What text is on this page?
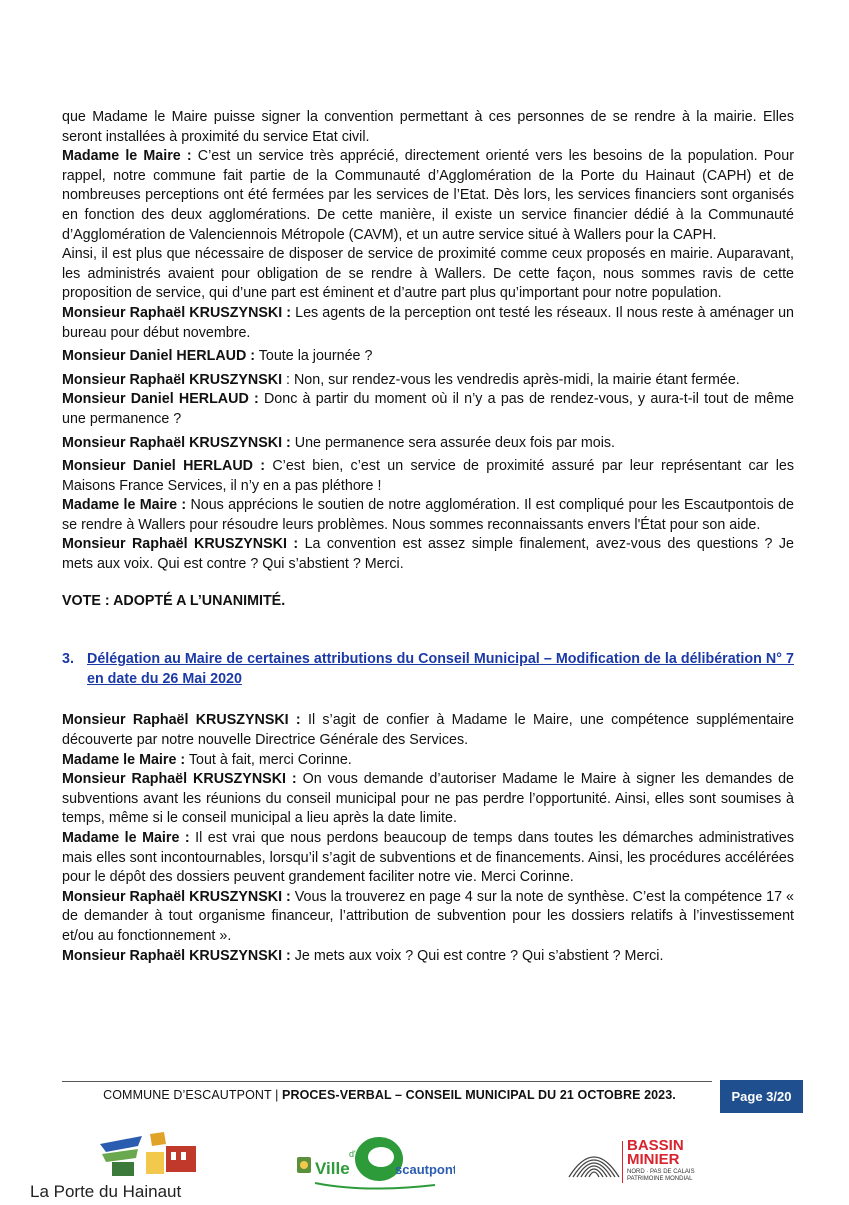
que Madame le Maire puisse signer la convention permettant à ces personnes de se rendre à la mairie. Elles seront installées à proximité du service Etat civil.

Madame le Maire : C’est un service très apprécié, directement orienté vers les besoins de la population. Pour rappel, notre commune fait partie de la Communauté d’Agglomération de la Porte du Hainaut (CAPH) et de nombreuses perceptions ont été fermées par les services de l’Etat. Dès lors, les services financiers sont organisés en fonction des deux agglomérations. De cette manière, il existe un service financier dédié à la Communauté d’Agglomération de Valenciennois Métropole (CAVM), et un autre service situé à Wallers pour la CAPH.

Ainsi, il est plus que nécessaire de disposer de service de proximité comme ceux proposés en mairie. Auparavant, les administrés avaient pour obligation de se rendre à Wallers. De cette façon, nous sommes ravis de cette proposition de service, qui d’une part est éminent et d’autre part plus qu’important pour notre population.

Monsieur Raphaël KRUSZYNSKI : Les agents de la perception ont testé les réseaux. Il nous reste à aménager un bureau pour début novembre.

Monsieur Daniel HERLAUD : Toute la journée ?

Monsieur Raphaël KRUSZYNSKI : Non, sur rendez-vous les vendredis après-midi, la mairie étant fermée.

Monsieur Daniel HERLAUD : Donc à partir du moment où il n’y a pas de rendez-vous, y aura-t-il tout de même une permanence ?

Monsieur Raphaël KRUSZYNSKI : Une permanence sera assurée deux fois par mois.

Monsieur Daniel HERLAUD : C’est bien, c’est un service de proximité assuré par leur représentant car les Maisons France Services, il n’y en a pas pléthore !

Madame le Maire : Nous apprécions le soutien de notre agglomération. Il est compliqué pour les Escautpontois de se rendre à Wallers pour résoudre leurs problèmes. Nous sommes reconnaissants envers l'État pour son aide.

Monsieur Raphaël KRUSZYNSKI : La convention est assez simple finalement, avez-vous des questions ? Je mets aux voix. Qui est contre ? Qui s’abstient ? Merci.

VOTE : ADOPTÉ A L’UNANIMITÉ.

3. Délégation au Maire de certaines attributions du Conseil Municipal – Modification de la délibération N° 7 en date du 26 Mai 2020

Monsieur Raphaël KRUSZYNSKI : Il s’agit de confier à Madame le Maire, une compétence supplémentaire découverte par notre nouvelle Directrice Générale des Services.

Madame le Maire : Tout à fait, merci Corinne.

Monsieur Raphaël KRUSZYNSKI : On vous demande d’autoriser Madame le Maire à signer les demandes de subventions avant les réunions du conseil municipal pour ne pas perdre l’opportunité. Ainsi, elles sont soumises à temps, même si le conseil municipal a lieu après la date limite.

Madame le Maire : Il est vrai que nous perdons beaucoup de temps dans toutes les démarches administratives mais elles sont incontournables, lorsqu’il s’agit de subventions et de financements. Ainsi, les procédures accélérées pour le dépôt des dossiers peuvent grandement faciliter notre vie. Merci Corinne.

Monsieur Raphaël KRUSZYNSKI : Vous la trouverez en page 4 sur la note de synthèse. C’est la compétence 17 « de demander à tout organisme financeur, l’attribution de subvention pour les dossiers relatifs à l’investissement et/ou au fonctionnement ».

Monsieur Raphaël KRUSZYNSKI : Je mets aux voix ? Qui est contre ? Qui s’abstient ? Merci.

COMMUNE D’ESCAUTPONT | PROCES-VERBAL – CONSEIL MUNICIPAL DU 21 OCTOBRE 2023.	Page 3/20
La Porte du Hainaut
Ville
d'
scautpont
BASSIN
MINIER
NORD · PAS DE CALAIS
PATRIMOINE MONDIAL
